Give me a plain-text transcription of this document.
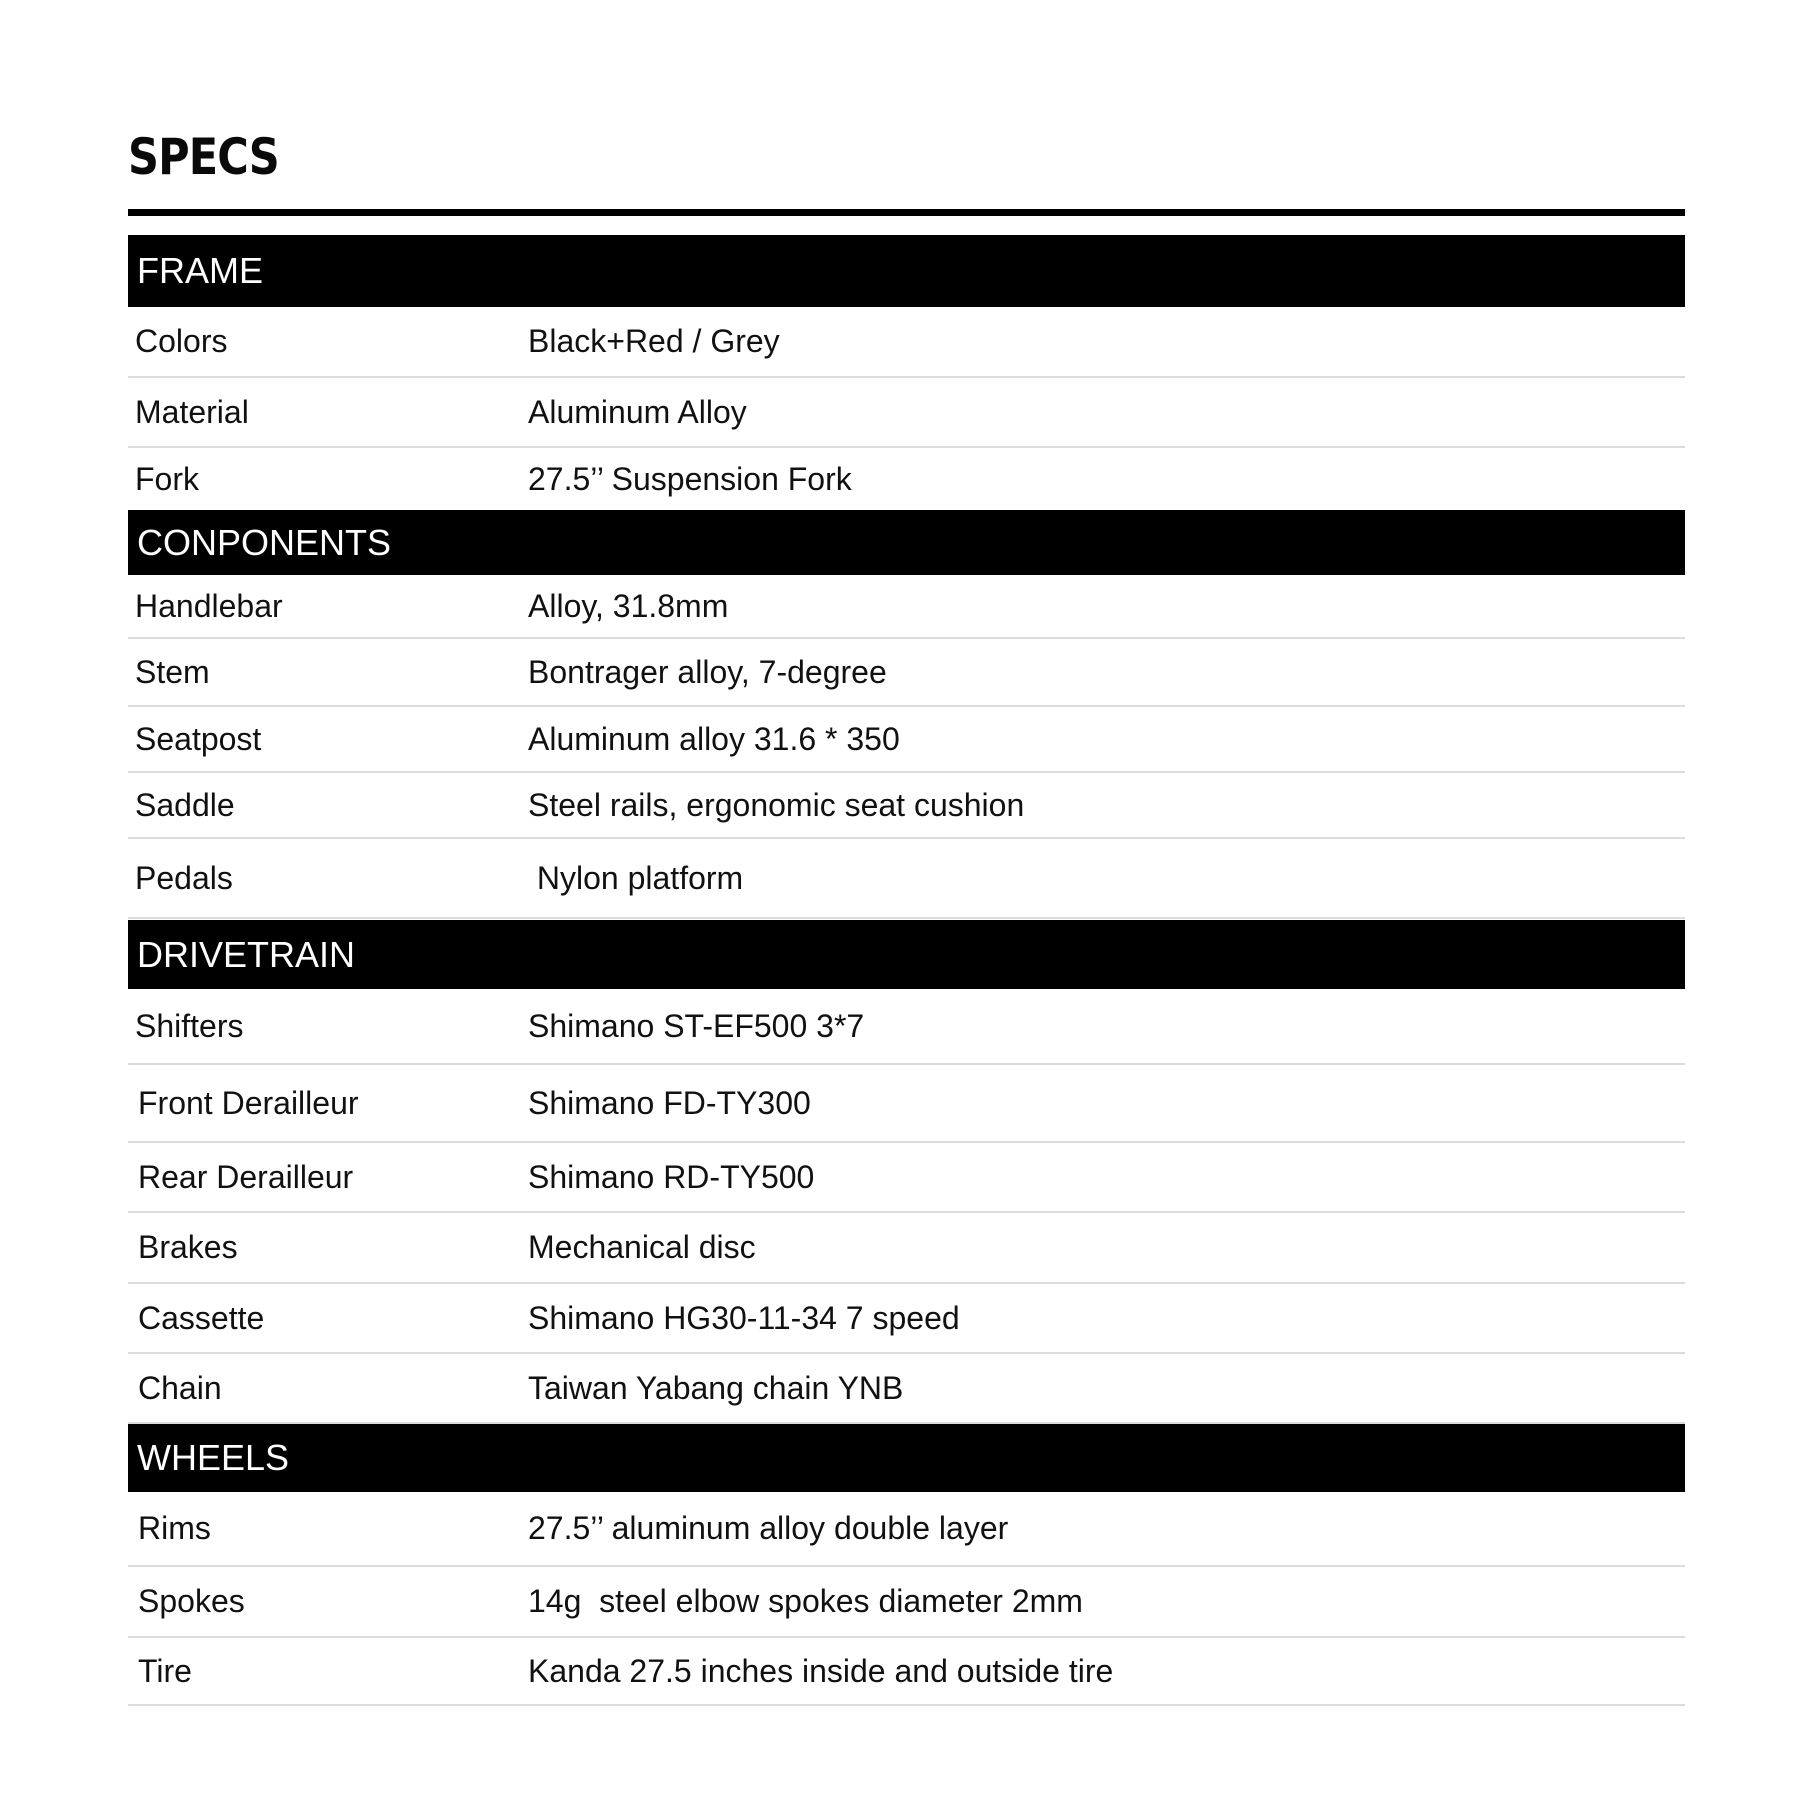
SPECS
FRAME
Colors	Black+Red / Grey
Material	Aluminum Alloy
Fork	27.5’’ Suspension Fork
CONPONENTS
Handlebar	Alloy, 31.8mm
Stem	Bontrager alloy, 7-degree
Seatpost	Aluminum alloy 31.6 * 350
Saddle	Steel rails, ergonomic seat cushion
Pedals	Nylon platform
DRIVETRAIN
Shifters	Shimano ST-EF500 3*7
Front Derailleur	Shimano FD-TY300
Rear Derailleur	Shimano RD-TY500
Brakes	Mechanical disc
Cassette	Shimano HG30-11-34 7 speed
Chain	Taiwan Yabang chain YNB
WHEELS
Rims	27.5’’ aluminum alloy double layer
Spokes	14g  steel elbow spokes diameter 2mm
Tire	Kanda 27.5 inches inside and outside tire
